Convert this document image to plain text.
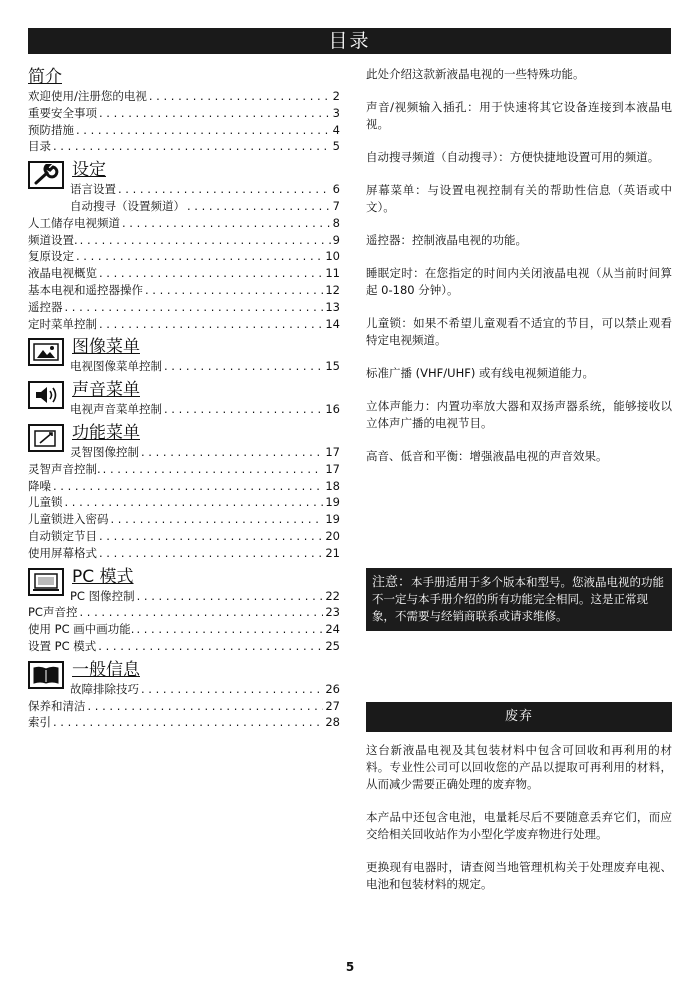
目录
简介
欢迎使用/注册您的电视 . . .	2
重要安全事项 . . .	3
预防措施 . . .	4
目录 . . .	5
设定
语言设置 . . .	6
自动搜寻（设置频道） . . .	7
人工储存电视频道 . . .	8
频道设置. . . .	9
复原设定 . . .	10
液晶电视概览 . . .	11
基本电视和遥控器操作 . . .	12
遥控器 . . .	13
定时菜单控制 . . .	14
图像菜单
电视图像菜单控制 . . .	15
声音菜单
电视声音菜单控制 . . .	16
功能菜单
灵智图像控制 . . .	17
灵智声音控制. . . .	17
降噪 . . .	18
儿童锁 . . .	19
儿童锁进入密码 . . .	19
自动锁定节目 . . .	20
使用屏幕格式 . . .	21
PC 模式
PC 图像控制 . . .	22
PC声音控 . . .	23
使用 PC 画中画功能. . . .	24
设置 PC 模式 . . .	25
一般信息
故障排除技巧 . . .	26
保养和清洁 . . .	27
索引 . . .	28

此处介绍这款新液晶电视的一些特殊功能。

声音/视频输入插孔：用于快速将其它设备连接到本液晶电视。

自动搜寻频道（自动搜寻）：方便快捷地设置可用的频道。

屏幕菜单：与设置电视控制有关的帮助性信息（英语或中文）。

遥控器：控制液晶电视的功能。

睡眠定时：在您指定的时间内关闭液晶电视（从当前时间算起 0-180 分钟）。

儿童锁：如果不希望儿童观看不适宜的节目，可以禁止观看特定电视频道。

标准广播 (VHF/UHF) 或有线电视频道能力。

立体声能力：内置功率放大器和双扬声器系统，能够接收以立体声广播的电视节目。

高音、低音和平衡：增强液晶电视的声音效果。

注意：本手册适用于多个版本和型号。您液晶电视的功能不一定与本手册介绍的所有功能完全相同。这是正常现象，不需要与经销商联系或请求维修。
废弃

这台新液晶电视及其包装材料中包含可回收和再利用的材料。专业性公司可以回收您的产品以提取可再利用的材料，从而减少需要正确处理的废弃物。

本产品中还包含电池，电量耗尽后不要随意丢弃它们，而应交给相关回收站作为小型化学废弃物进行处理。

更换现有电器时，请查阅当地管理机构关于处理废弃电视、电池和包装材料的规定。

5
